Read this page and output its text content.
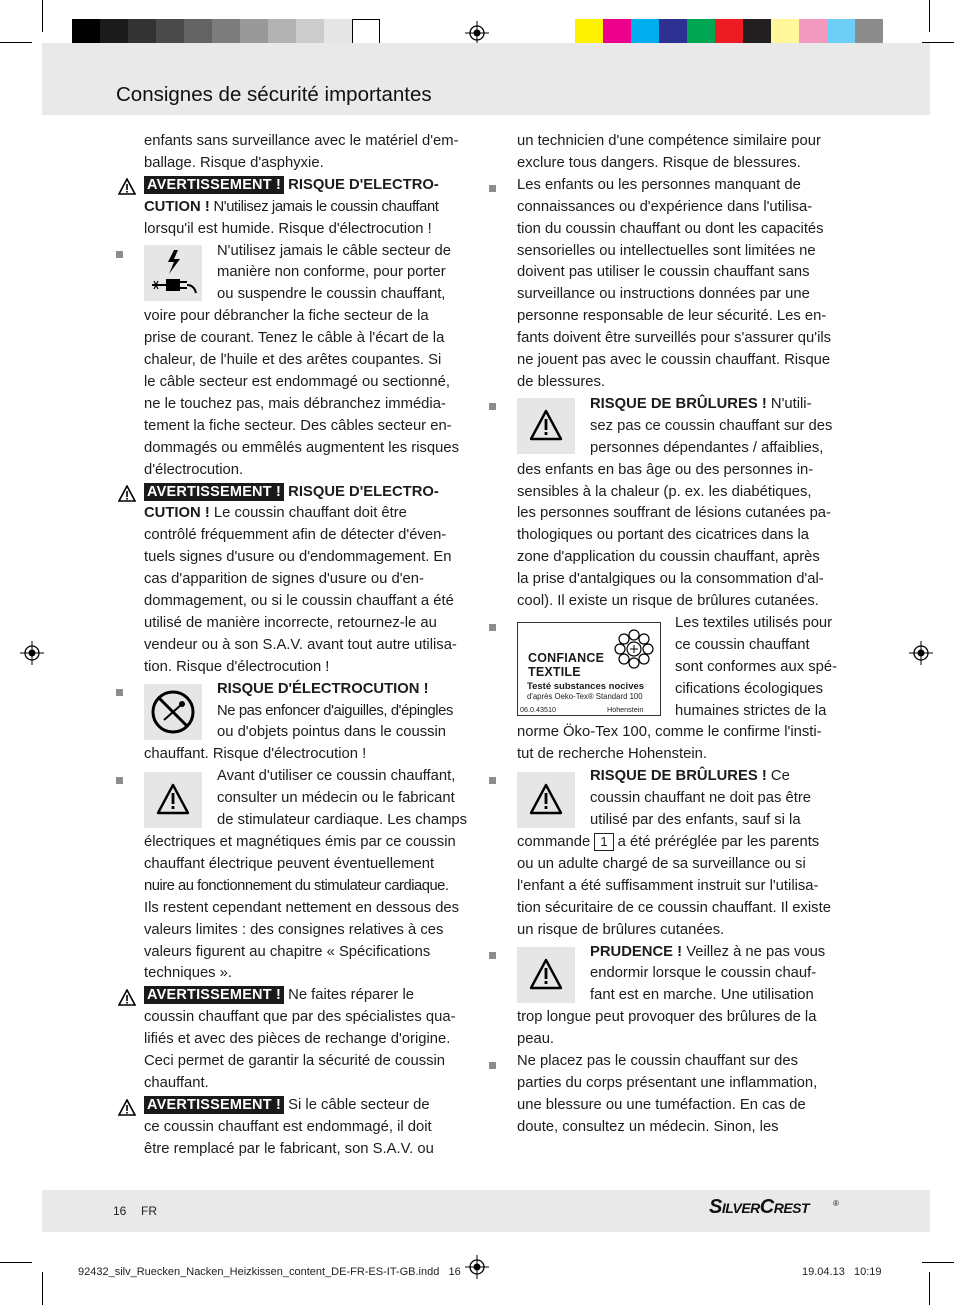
Consignes de sécurité importantes
enfants sans surveillance avec le matériel d'em-
ballage. Risque d'asphyxie.
AVERTISSEMENT ! RISQUE D'ELECTRO-
CUTION ! N'utilisez jamais le coussin chauffant
lorsqu'il est humide. Risque d'électrocution !
N'utilisez jamais le câble secteur de
manière non conforme, pour porter
ou suspendre le coussin chauffant,
voire pour débrancher la fiche secteur de la
prise de courant. Tenez le câble à l'écart de la
chaleur, de l'huile et des arêtes coupantes. Si
le câble secteur est endommagé ou sectionné,
ne le touchez pas, mais débranchez immédia-
tement la fiche secteur. Des câbles secteur en-
dommagés ou emmêlés augmentent les risques
d'électrocution.
AVERTISSEMENT ! RISQUE D'ELECTRO-
CUTION ! Le coussin chauffant doit être
contrôlé fréquemment afin de détecter d'éven-
tuels signes d'usure ou d'endommagement. En
cas d'apparition de signes d'usure ou d'en-
dommagement, ou si le coussin chauffant a été
utilisé de manière incorrecte, retournez-le au
vendeur ou à son S.A.V. avant tout autre utilisa-
tion. Risque d'électrocution !
RISQUE D'ÉLECTROCUTION !
Ne pas enfoncer d'aiguilles, d'épingles
ou d'objets pointus dans le coussin
chauffant. Risque d'électrocution !
Avant d'utiliser ce coussin chauffant,
consulter un médecin ou le fabricant
de stimulateur cardiaque. Les champs
électriques et magnétiques émis par ce coussin
chauffant électrique peuvent éventuellement
nuire au fonctionnement du stimulateur cardiaque.
Ils restent cependant nettement en dessous des
valeurs limites : des consignes relatives à ces
valeurs figurent au chapitre « Spécifications
techniques ».
AVERTISSEMENT ! Ne faites réparer le
coussin chauffant que par des spécialistes qua-
lifiés et avec des pièces de rechange d'origine.
Ceci permet de garantir la sécurité de coussin
chauffant.
AVERTISSEMENT ! Si le câble secteur de
ce coussin chauffant est endommagé, il doit
être remplacé par le fabricant, son S.A.V. ou
un technicien d'une compétence similaire pour
exclure tous dangers. Risque de blessures.
Les enfants ou les personnes manquant de
connaissances ou d'expérience dans l'utilisa-
tion du coussin chauffant ou dont les capacités
sensorielles ou intellectuelles sont limitées ne
doivent pas utiliser le coussin chauffant sans
surveillance ou instructions données par une
personne responsable de leur sécurité. Les en-
fants doivent être surveillés pour s'assurer qu'ils
ne jouent pas avec le coussin chauffant. Risque
de blessures.
RISQUE DE BRÛLURES ! N'utili-
sez pas ce coussin chauffant sur des
personnes dépendantes / affaiblies,
des enfants en bas âge ou des personnes in-
sensibles à la chaleur (p. ex. les diabétiques,
les personnes souffrant de lésions cutanées pa-
thologiques ou portant des cicatrices dans la
zone d'application du coussin chauffant, après
la prise d'antalgiques ou la consommation d'al-
cool). Il existe un risque de brûlures cutanées.
Les textiles utilisés pour
ce coussin chauffant
sont conformes aux spé-
cifications écologiques
humaines strictes de la
norme Öko-Tex 100, comme le confirme l'insti-
tut de recherche Hohenstein.
RISQUE DE BRÛLURES ! Ce
coussin chauffant ne doit pas être
utilisé par des enfants, sauf si la
commande 1 a été préréglée par les parents
ou un adulte chargé de sa surveillance ou si
l'enfant a été suffisamment instruit sur l'utilisa-
tion sécuritaire de ce coussin chauffant. Il existe
un risque de brûlures cutanées.
PRUDENCE ! Veillez à ne pas vous
endormir lorsque le coussin chauf-
fant est en marche. Une utilisation
trop longue peut provoquer des brûlures de la
peau.
Ne placez pas le coussin chauffant sur des
parties du corps présentant une inflammation,
une blessure ou une tuméfaction. En cas de
doute, consultez un médecin. Sinon, les
CONFIANCE
TEXTILE
Testé substances nocives
d'après Oeko-Tex® Standard 100
06.0.43510	Hohenstein
16 FR	SilverCrest	®
92432_silv_Ruecken_Nacken_Heizkissen_content_DE-FR-ES-IT-GB.indd   16	19.04.13   10:19
